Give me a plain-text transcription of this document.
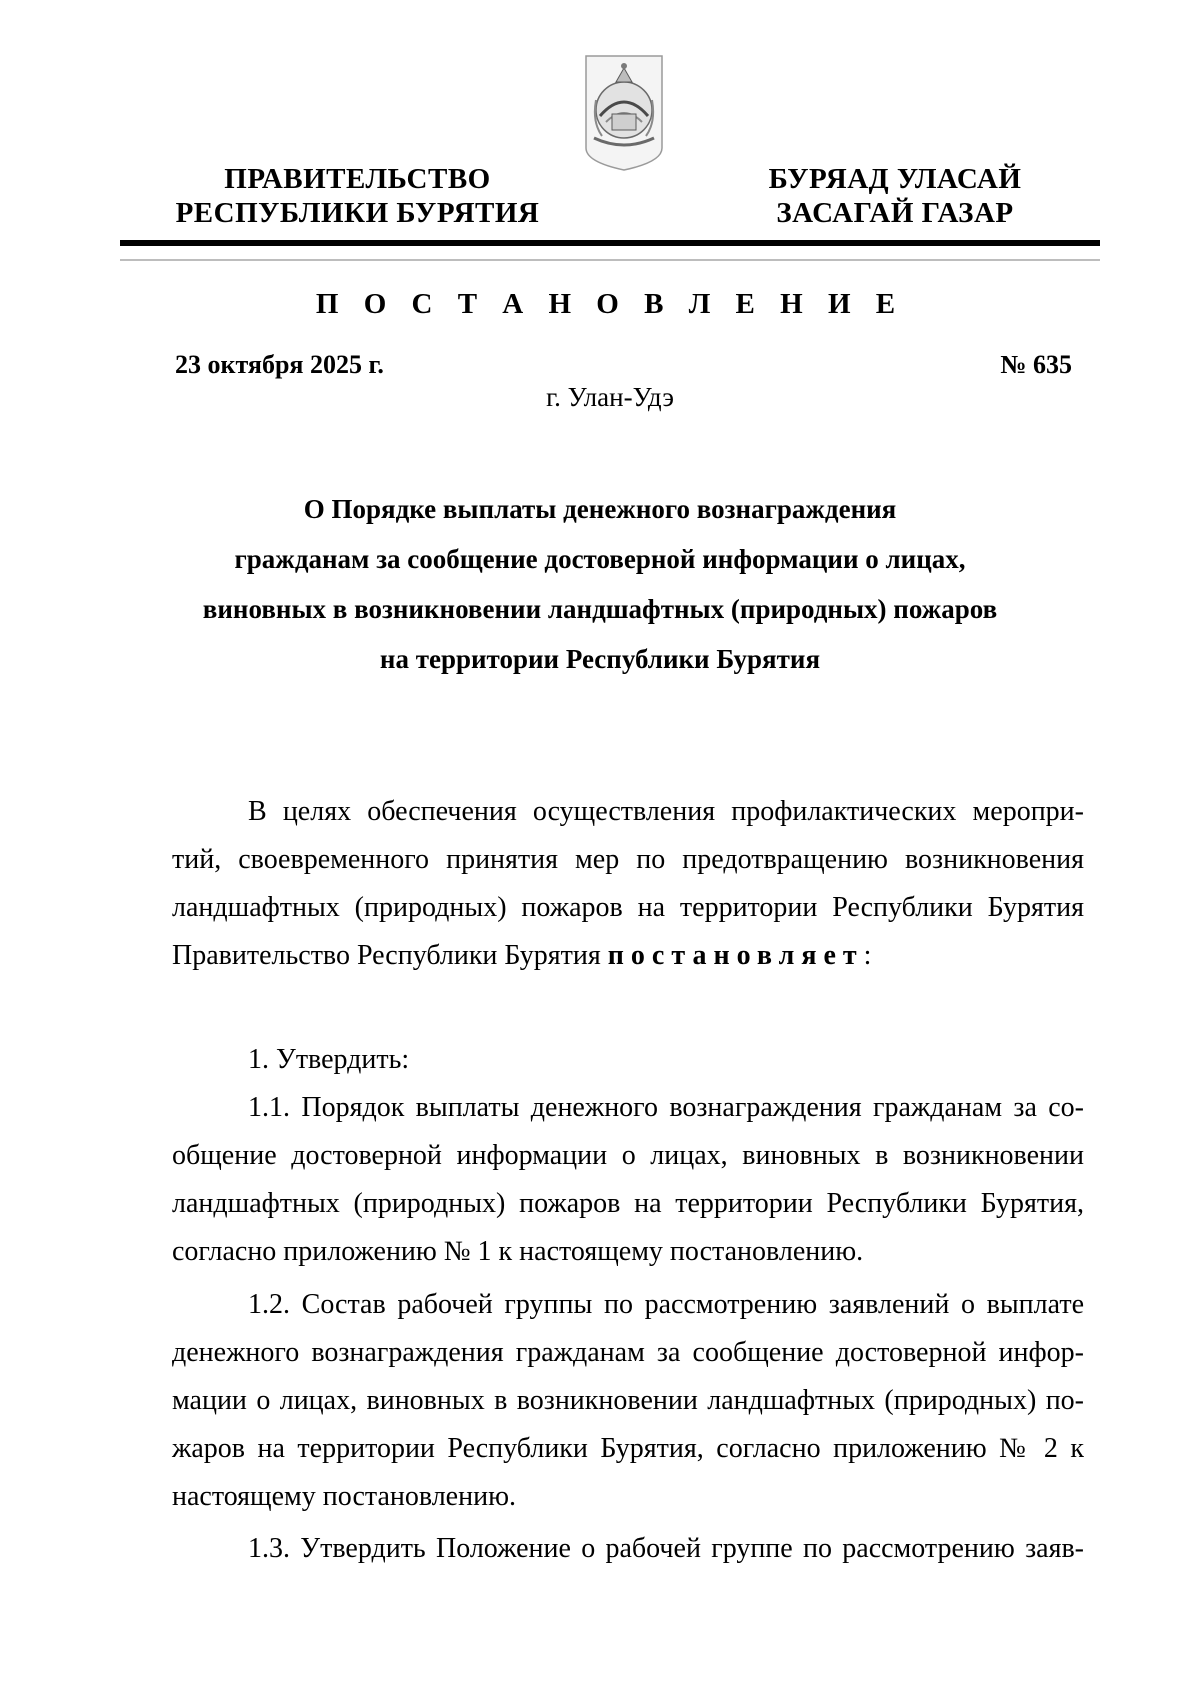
ПРАВИТЕЛЬСТВО
РЕСПУБЛИКИ БУРЯТИЯ
БУРЯАД УЛАСАЙ
ЗАСАГАЙ ГАЗАР
П О С Т А Н О В Л Е Н И Е
23 октября 2025 г.	№ 635
г. Улан-Удэ
О Порядке выплаты денежного вознаграждения
гражданам за сообщение достоверной информации о лицах,
виновных в возникновении ландшафтных (природных) пожаров
на территории Республики Бурятия
В целях обеспечения осуществления профилактических меропри-
тий, своевременного принятия мер по предотвращению возникновения
ландшафтных (природных) пожаров на территории Республики Бурятия
Правительство Республики Бурятия постановляет:
1. Утвердить:
1.1. Порядок выплаты денежного вознаграждения гражданам за со-
общение достоверной информации о лицах, виновных в возникновении
ландшафтных (природных) пожаров на территории Республики Бурятия,
согласно приложению № 1 к настоящему постановлению.
1.2. Состав рабочей группы по рассмотрению заявлений о выплате
денежного вознаграждения гражданам за сообщение достоверной инфор-
мации о лицах, виновных в возникновении ландшафтных (природных) по-
жаров на территории Республики Бурятия, согласно приложению № 2 к
настоящему постановлению.
1.3. Утвердить Положение о рабочей группе по рассмотрению заяв-
